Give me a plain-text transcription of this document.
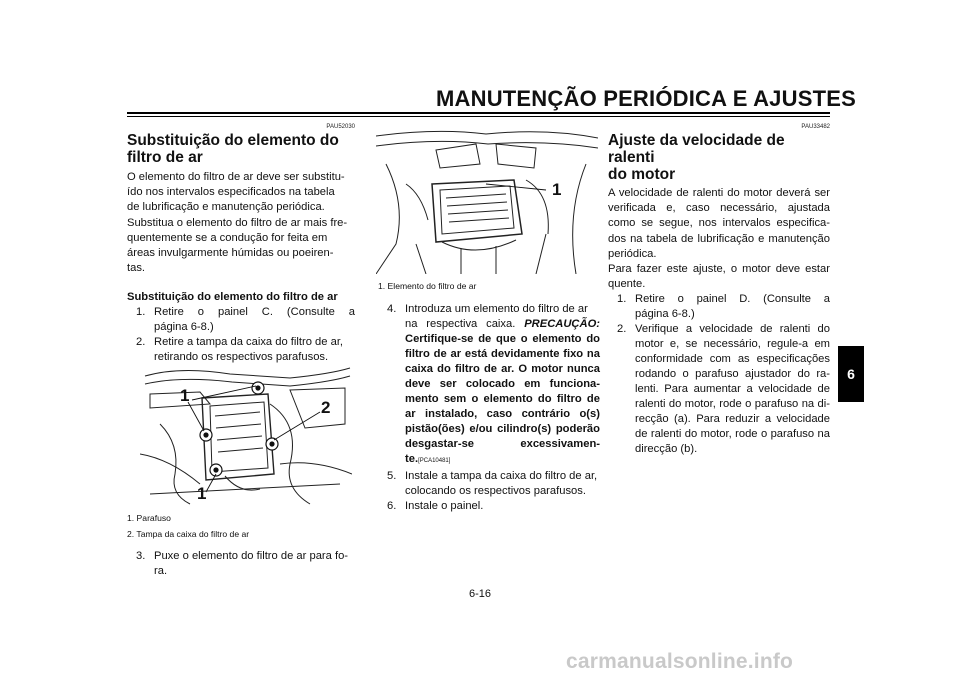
MANUTENÇÃO PERIÓDICA E AJUSTES
6
PAU52030
Substituição do elemento do
filtro de ar

O elemento do filtro de ar deve ser substitu-

ído nos intervalos especificados na tabela

de lubrificação e manutenção periódica.

Substitua o elemento do filtro de ar mais fre-

quentemente se a condução for feita em

áreas invulgarmente húmidas ou poeiren-

tas.

Substituição do elemento do filtro de ar
1. Retire o painel C. (Consulte a
página 6-8.)
2. Retire a tampa da caixa do filtro de ar,
retirando os respectivos parafusos.
1
2
1
1. Parafuso
2. Tampa da caixa do filtro de ar
3. Puxe o elemento do filtro de ar para fo-
ra.
1
1. Elemento do filtro de ar
4. Introduza um elemento do filtro de ar
na respectiva caixa. PRECAUÇÃO:
Certifique-se de que o elemento do
filtro de ar está devidamente fixo na
caixa do filtro de ar. O motor nunca
deve ser colocado em funciona-
mento sem o elemento do filtro de
ar instalado, caso contrário o(s)
pistão(ões) e/ou cilindro(s) poderão
desgastar-se excessivamen-
te.[PCA10481]
5. Instale a tampa da caixa do filtro de ar,
colocando os respectivos parafusos.
6. Instale o painel.
PAU33482
Ajuste da velocidade de ralenti
do motor

A velocidade de ralenti do motor deverá ser

verificada e, caso necessário, ajustada

como se segue, nos intervalos especifica-

dos na tabela de lubrificação e manutenção

periódica.

Para fazer este ajuste, o motor deve estar

quente.

1. Retire o painel D. (Consulte a
página 6-8.)
2. Verifique a velocidade de ralenti do
motor e, se necessário, regule-a em
conformidade com as especificações
rodando o parafuso ajustador do ra-
lenti. Para aumentar a velocidade de
ralenti do motor, rode o parafuso na di-
recção (a). Para reduzir a velocidade
de ralenti do motor, rode o parafuso na
direcção (b).
6-16
carmanualsonline.info
